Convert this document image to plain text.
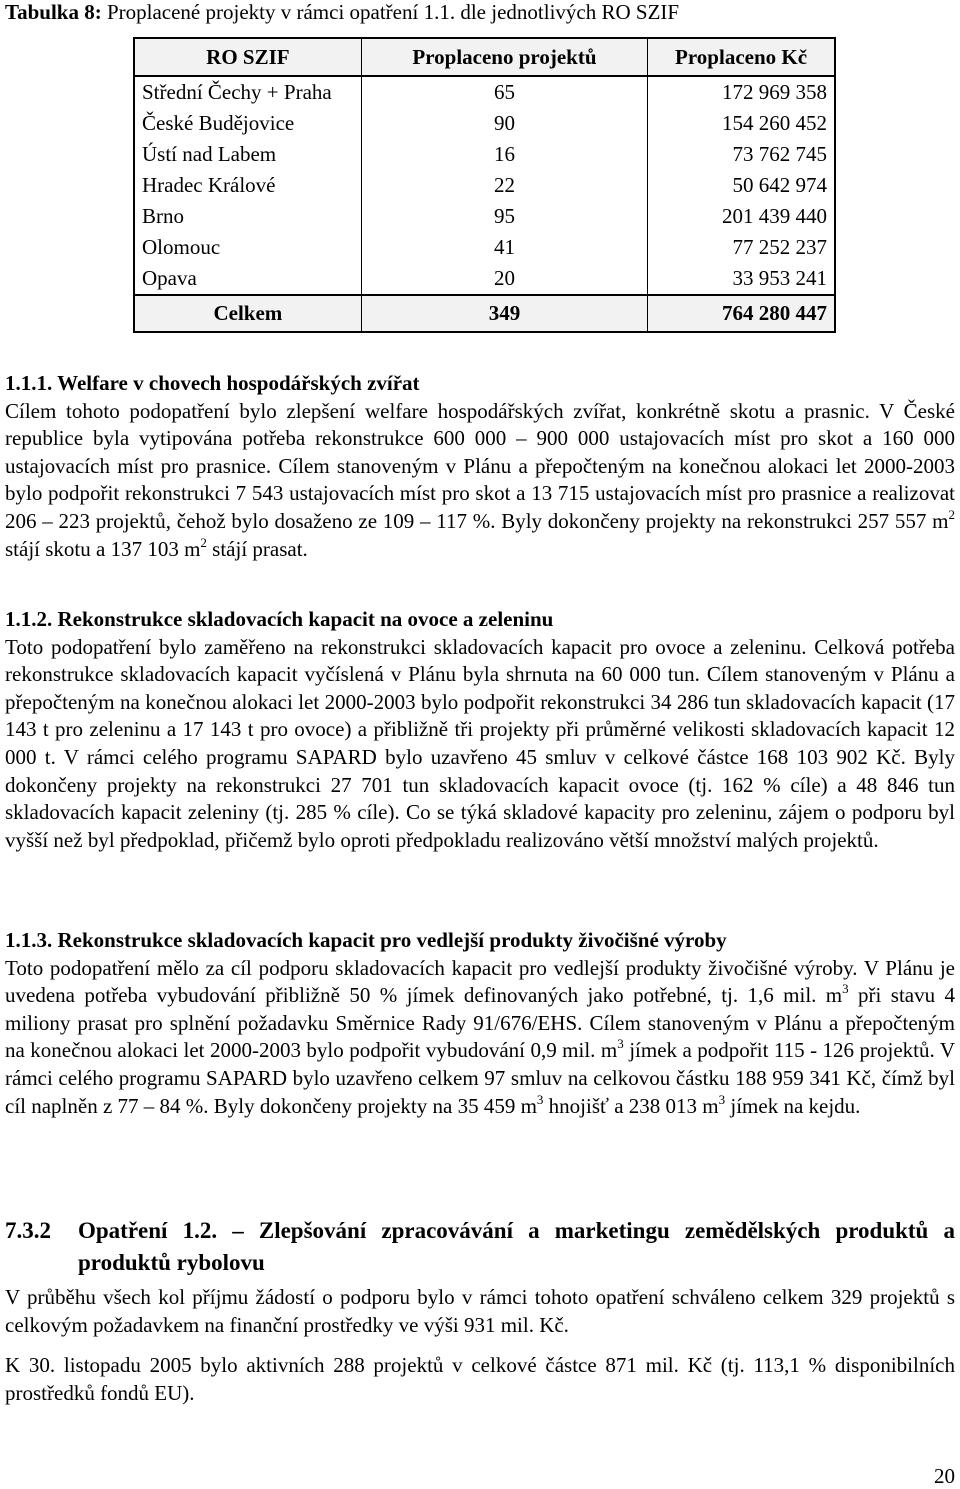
Tabulka 8: Proplacené projekty v rámci opatření 1.1. dle jednotlivých RO SZIF
RO SZIF	Proplaceno projektů	Proplaceno Kč
Střední Čechy + Praha	65	172 969 358
České Budějovice	90	154 260 452
Ústí nad Labem	16	73 762 745
Hradec Králové	22	50 642 974
Brno	95	201 439 440
Olomouc	41	77 252 237
Opava	20	33 953 241
Celkem	349	764 280 447
1.1.1. Welfare v chovech hospodářských zvířat
Cílem tohoto podopatření bylo zlepšení welfare hospodářských zvířat, konkrétně skotu a prasnic. V České republice byla vytipována potřeba rekonstrukce 600 000 – 900 000 ustajovacích míst pro skot a 160 000 ustajovacích míst pro prasnice. Cílem stanoveným v Plánu a přepočteným na konečnou alokaci let 2000-2003 bylo podpořit rekonstrukci 7 543 ustajovacích míst pro skot a 13 715 ustajovacích míst pro prasnice a realizovat 206 – 223 projektů, čehož bylo dosaženo ze 109 – 117 %. Byly dokončeny projekty na rekonstrukci 257 557 $m^2$ stájí skotu a 137 103 $m^2$ stájí prasat.
1.1.2. Rekonstrukce skladovacích kapacit na ovoce a zeleninu
Toto podopatření bylo zaměřeno na rekonstrukci skladovacích kapacit pro ovoce a zeleninu. Celková potřeba rekonstrukce skladovacích kapacit vyčíslená v Plánu byla shrnuta na 60 000 tun. Cílem stanoveným v Plánu a přepočteným na konečnou alokaci let 2000-2003 bylo podpořit rekonstrukci 34 286 tun skladovacích kapacit (17 143 t pro zeleninu a 17 143 t pro ovoce) a přibližně tři projekty při průměrné velikosti skladovacích kapacit 12 000 t. V rámci celého programu SAPARD bylo uzavřeno 45 smluv v celkové částce 168 103 902 Kč. Byly dokončeny projekty na rekonstrukci 27 701 tun skladovacích kapacit ovoce (tj. 162 % cíle) a 48 846 tun skladovacích kapacit zeleniny (tj. 285 % cíle). Co se týká skladové kapacity pro zeleninu, zájem o podporu byl vyšší než byl předpoklad, přičemž bylo oproti předpokladu realizováno větší množství malých projektů.
1.1.3. Rekonstrukce skladovacích kapacit pro vedlejší produkty živočišné výroby
Toto podopatření mělo za cíl podporu skladovacích kapacit pro vedlejší produkty živočišné výroby. V Plánu je uvedena potřeba vybudování přibližně 50 % jímek definovaných jako potřebné, tj. 1,6 mil. $m^3$ při stavu 4 miliony prasat pro splnění požadavku Směrnice Rady 91/676/EHS. Cílem stanoveným v Plánu a přepočteným na konečnou alokaci let 2000-2003 bylo podpořit vybudování 0,9 mil. $m^3$ jímek a podpořit 115 - 126 projektů. V rámci celého programu SAPARD bylo uzavřeno celkem 97 smluv na celkovou částku 188 959 341 Kč, čímž byl cíl naplněn z 77 – 84 %. Byly dokončeny projekty na 35 459 $m^3$ hnojišť a 238 013 $m^3$ jímek na kejdu.
7.3.2 Opatření 1.2. – Zlepšování zpracovávání a marketingu zemědělských produktů a produktů rybolovu
V průběhu všech kol příjmu žádostí o podporu bylo v rámci tohoto opatření schváleno celkem 329 projektů s celkovým požadavkem na finanční prostředky ve výši 931 mil. Kč.
K 30. listopadu 2005 bylo aktivních 288 projektů v celkové částce 871 mil. Kč (tj. 113,1 % disponibilních prostředků fondů EU).
20
